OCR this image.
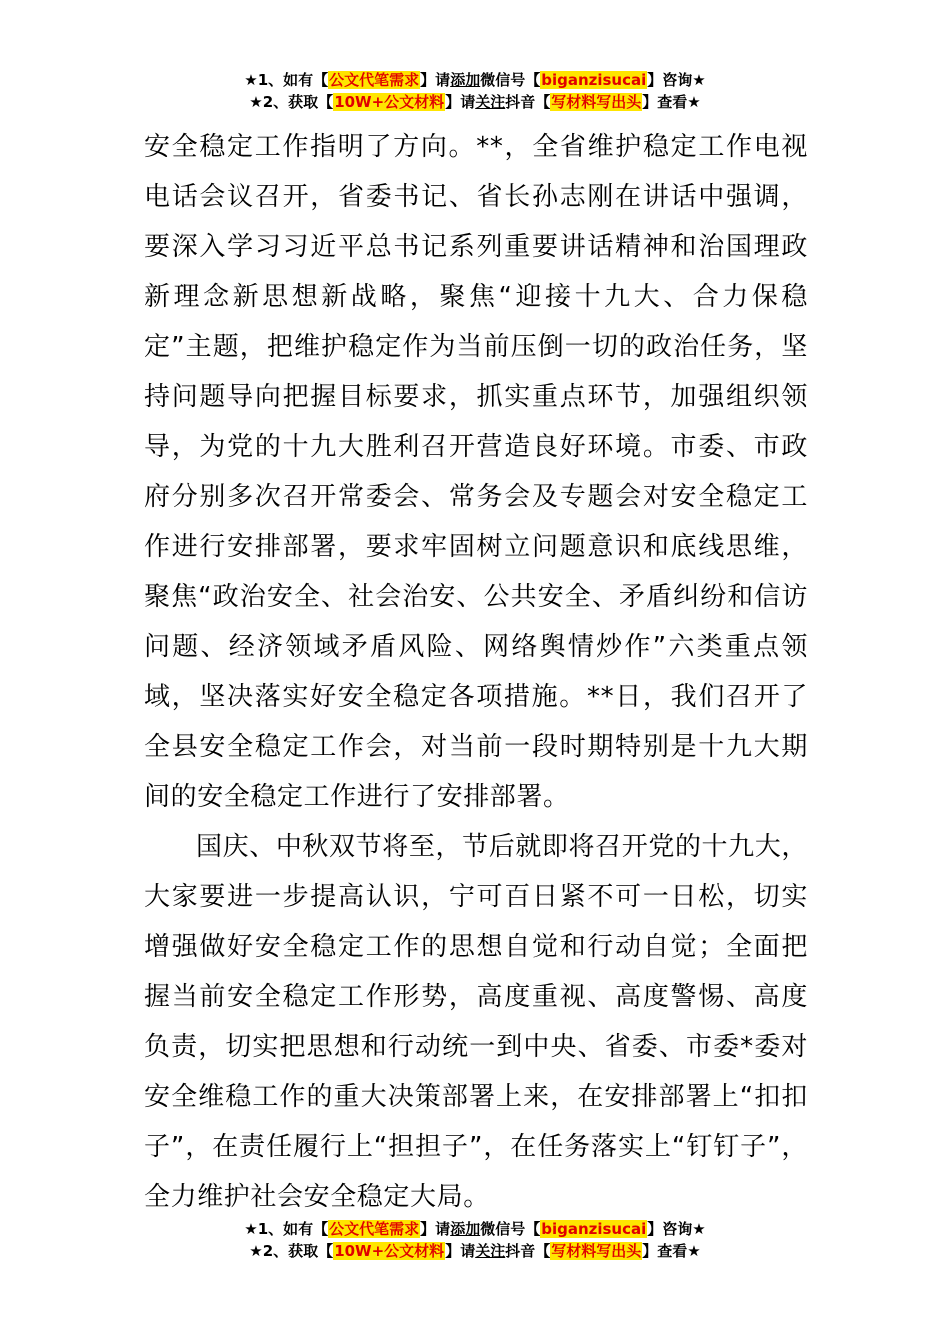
★1、如有【公文代笔需求】请添加微信号【biganzisucai】咨询★
★2、获取【10W+公文材料】请关注抖音【写材料写出头】查看★

安全稳定工作指明了方向。**，全省维护稳定工作电视电话会议召开，省委书记、省长孙志刚在讲话中强调，要深入学习习近平总书记系列重要讲话精神和治国理政新理念新思想新战略，聚焦“迎接十九大、合力保稳定”主题，把维护稳定作为当前压倒一切的政治任务，坚持问题导向把握目标要求，抓实重点环节，加强组织领导，为党的十九大胜利召开营造良好环境。市委、市政府分别多次召开常委会、常务会及专题会对安全稳定工作进行安排部署，要求牢固树立问题意识和底线思维，聚焦“政治安全、社会治安、公共安全、矛盾纠纷和信访问题、经济领域矛盾风险、网络舆情炒作”六类重点领域，坚决落实好安全稳定各项措施。**日，我们召开了全县安全稳定工作会，对当前一段时期特别是十九大期间的安全稳定工作进行了安排部署。

国庆、中秋双节将至，节后就即将召开党的十九大，大家要进一步提高认识，宁可百日紧不可一日松，切实增强做好安全稳定工作的思想自觉和行动自觉；全面把握当前安全稳定工作形势，高度重视、高度警惕、高度负责，切实把思想和行动统一到中央、省委、市委*委对安全维稳工作的重大决策部署上来，在安排部署上“扣扣子”，在责任履行上“担担子”，在任务落实上“钉钉子”，全力维护社会安全稳定大局。

★1、如有【公文代笔需求】请添加微信号【biganzisucai】咨询★
★2、获取【10W+公文材料】请关注抖音【写材料写出头】查看★
